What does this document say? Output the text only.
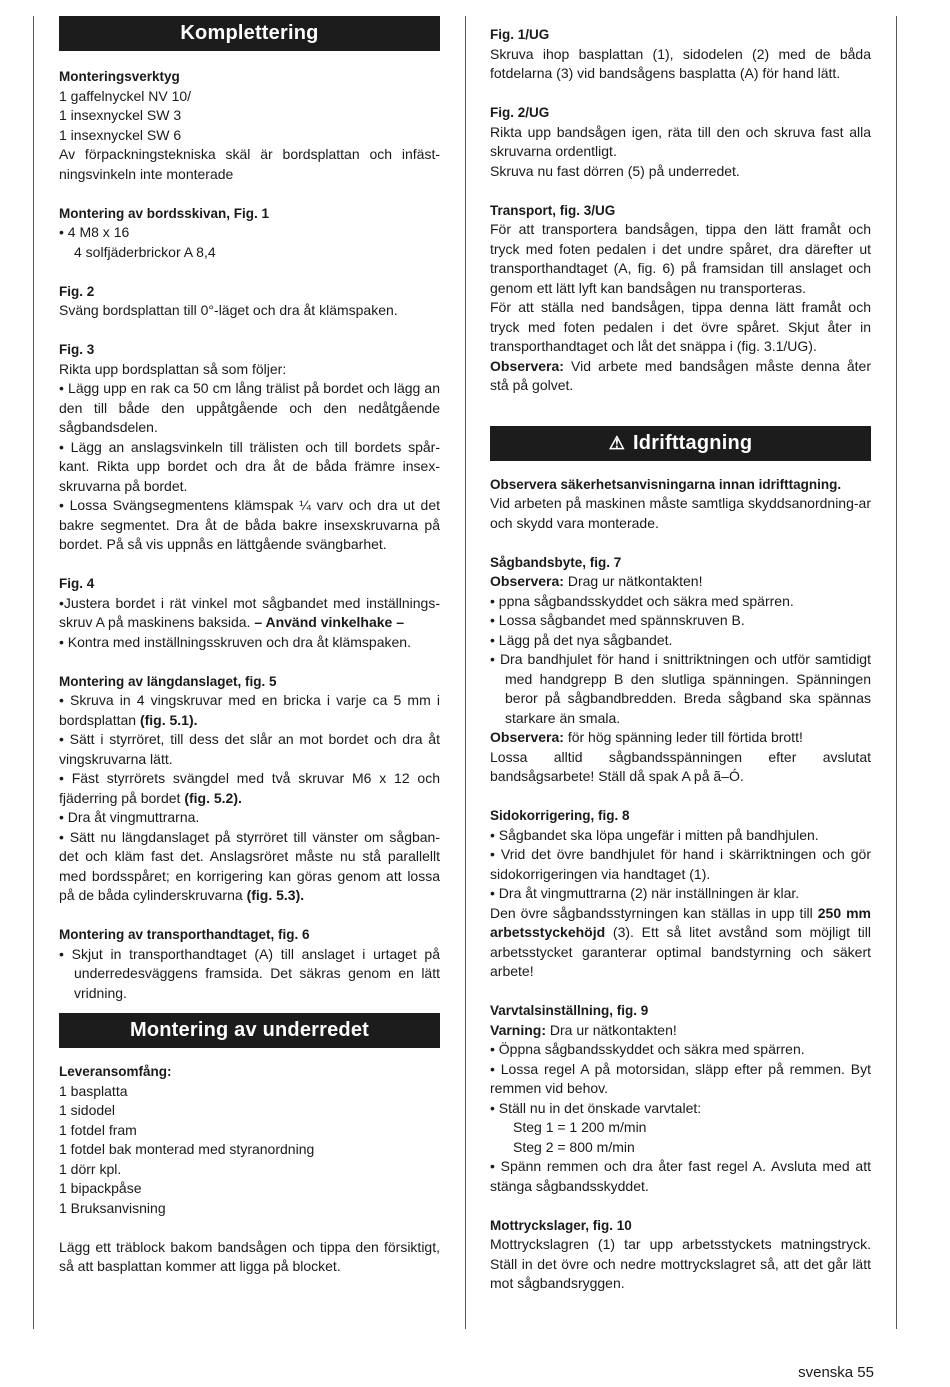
Komplettering

Monteringsverktyg

1 gaffelnyckel NV 10/

1 insexnyckel SW 3

1 insexnyckel SW 6

Av förpackningstekniska skäl är bordsplattan och infäst-ningsvinkeln inte monterade

Montering av bordsskivan, Fig. 1

• 4 M8 x 16

4 solfjäderbrickor A 8,4

Fig. 2

Sväng bordsplattan till 0°-läget och dra åt klämspaken.

Fig. 3

Rikta upp bordsplattan så som följer:

• Lägg upp en rak ca 50 cm lång trälist på bordet och lägg an den till både den uppåtgående och den nedåtgående sågbandsdelen.

• Lägg an anslagsvinkeln till trälisten och till bordets spår-kant. Rikta upp bordet och dra åt de båda främre insex-skruvarna på bordet.

• Lossa Svängsegmentens klämspak ¼ varv och dra ut det bakre segmentet. Dra åt de båda bakre insexskruvarna på bordet. På så vis uppnås en lättgående svängbarhet.

Fig. 4

•Justera bordet i rät vinkel mot sågbandet med inställnings-skruv A på maskinens baksida. – Använd vinkelhake –

• Kontra med inställningsskruven och dra åt klämspaken.

Montering av längdanslaget, fig. 5

• Skruva in 4 vingskruvar med en bricka i varje ca 5 mm i bordsplattan (fig. 5.1).

• Sätt i styrröret, till dess det slår an mot bordet och dra åt vingskruvarna lätt.

• Fäst styrrörets svängdel med två skruvar M6 x 12 och fjäderring på bordet (fig. 5.2).

• Dra åt vingmuttrarna.

• Sätt nu längdanslaget på styrröret till vänster om sågban-det och kläm fast det. Anslagsröret måste nu stå parallellt med bordsspåret; en korrigering kan göras genom att lossa på de båda cylinderskruvarna (fig. 5.3).

Montering av transporthandtaget, fig. 6

• Skjut in transporthandtaget (A) till anslaget i urtaget på underredesväggens framsida. Det säkras genom en lätt vridning.

Montering av underredet

Leveransomfång:

1 basplatta

1 sidodel

1 fotdel fram

1 fotdel bak monterad med styranordning

1 dörr kpl.

1 bipackpåse

1 Bruksanvisning

Lägg ett träblock bakom bandsågen och tippa den försiktigt, så att basplattan kommer att ligga på blocket.

Fig. 1/UG

Skruva ihop basplattan (1), sidodelen (2) med de båda fotdelarna (3) vid bandsågens basplatta (A) för hand lätt.

Fig. 2/UG

Rikta upp bandsågen igen, räta till den och skruva fast alla skruvarna ordentligt.

Skruva nu fast dörren (5) på underredet.

Transport, fig. 3/UG

För att transportera bandsågen, tippa den lätt framåt och tryck med foten pedalen i det undre spåret, dra därefter ut transporthandtaget (A, fig. 6) på framsidan till anslaget och genom ett lätt lyft kan bandsågen nu transporteras.

För att ställa ned bandsågen, tippa denna lätt framåt och tryck med foten pedalen i det övre spåret. Skjut åter in transporthandtaget och låt det snäppa i (fig. 3.1/UG).

Observera: Vid arbete med bandsågen måste denna åter stå på golvet.

⚠ Idrifttagning

Observera säkerhetsanvisningarna innan idrifttagning.

Vid arbeten på maskinen måste samtliga skyddsanordning-ar och skydd vara monterade.

Sågbandsbyte, fig. 7

Observera: Drag ur nätkontakten!

• ppna sågbandsskyddet och säkra med spärren.

• Lossa sågbandet med spännskruven B.

• Lägg på det nya sågbandet.

• Dra bandhjulet för hand i snittriktningen och utför samtidigt med handgrepp B den slutliga spänningen. Spänningen beror på sågbandbredden. Breda sågband ska spännas starkare än smala.

Observera: för hög spänning leder till förtida brott!

Lossa alltid sågbandsspänningen efter avslutat bandsågsarbete! Ställ då spak A på ã–Ó.

Sidokorrigering, fig. 8

• Sågbandet ska löpa ungefär i mitten på bandhjulen.

• Vrid det övre bandhjulet för hand i skärriktningen och gör sidokorrigeringen via handtaget (1).

• Dra åt vingmuttrarna (2) när inställningen är klar.

Den övre sågbandsstyrningen kan ställas in upp till 250 mm arbetsstyckehöjd (3). Ett så litet avstånd som möjligt till arbetsstycket garanterar optimal bandstyrning och säkert arbete!

Varvtalsinställning, fig. 9

Varning: Dra ur nätkontakten!

• Öppna sågbandsskyddet och säkra med spärren.

• Lossa regel A på motorsidan, släpp efter på remmen. Byt remmen vid behov.

• Ställ nu in det önskade varvtalet:

Steg 1 = 1 200 m/min

Steg 2 = 800 m/min

• Spänn remmen och dra åter fast regel A. Avsluta med att stänga sågbandsskyddet.

Mottryckslager, fig. 10

Mottryckslagren (1) tar upp arbetsstyckets matningstryck. Ställ in det övre och nedre mottryckslagret så, att det går lätt mot sågbandsryggen.

svenska 55
